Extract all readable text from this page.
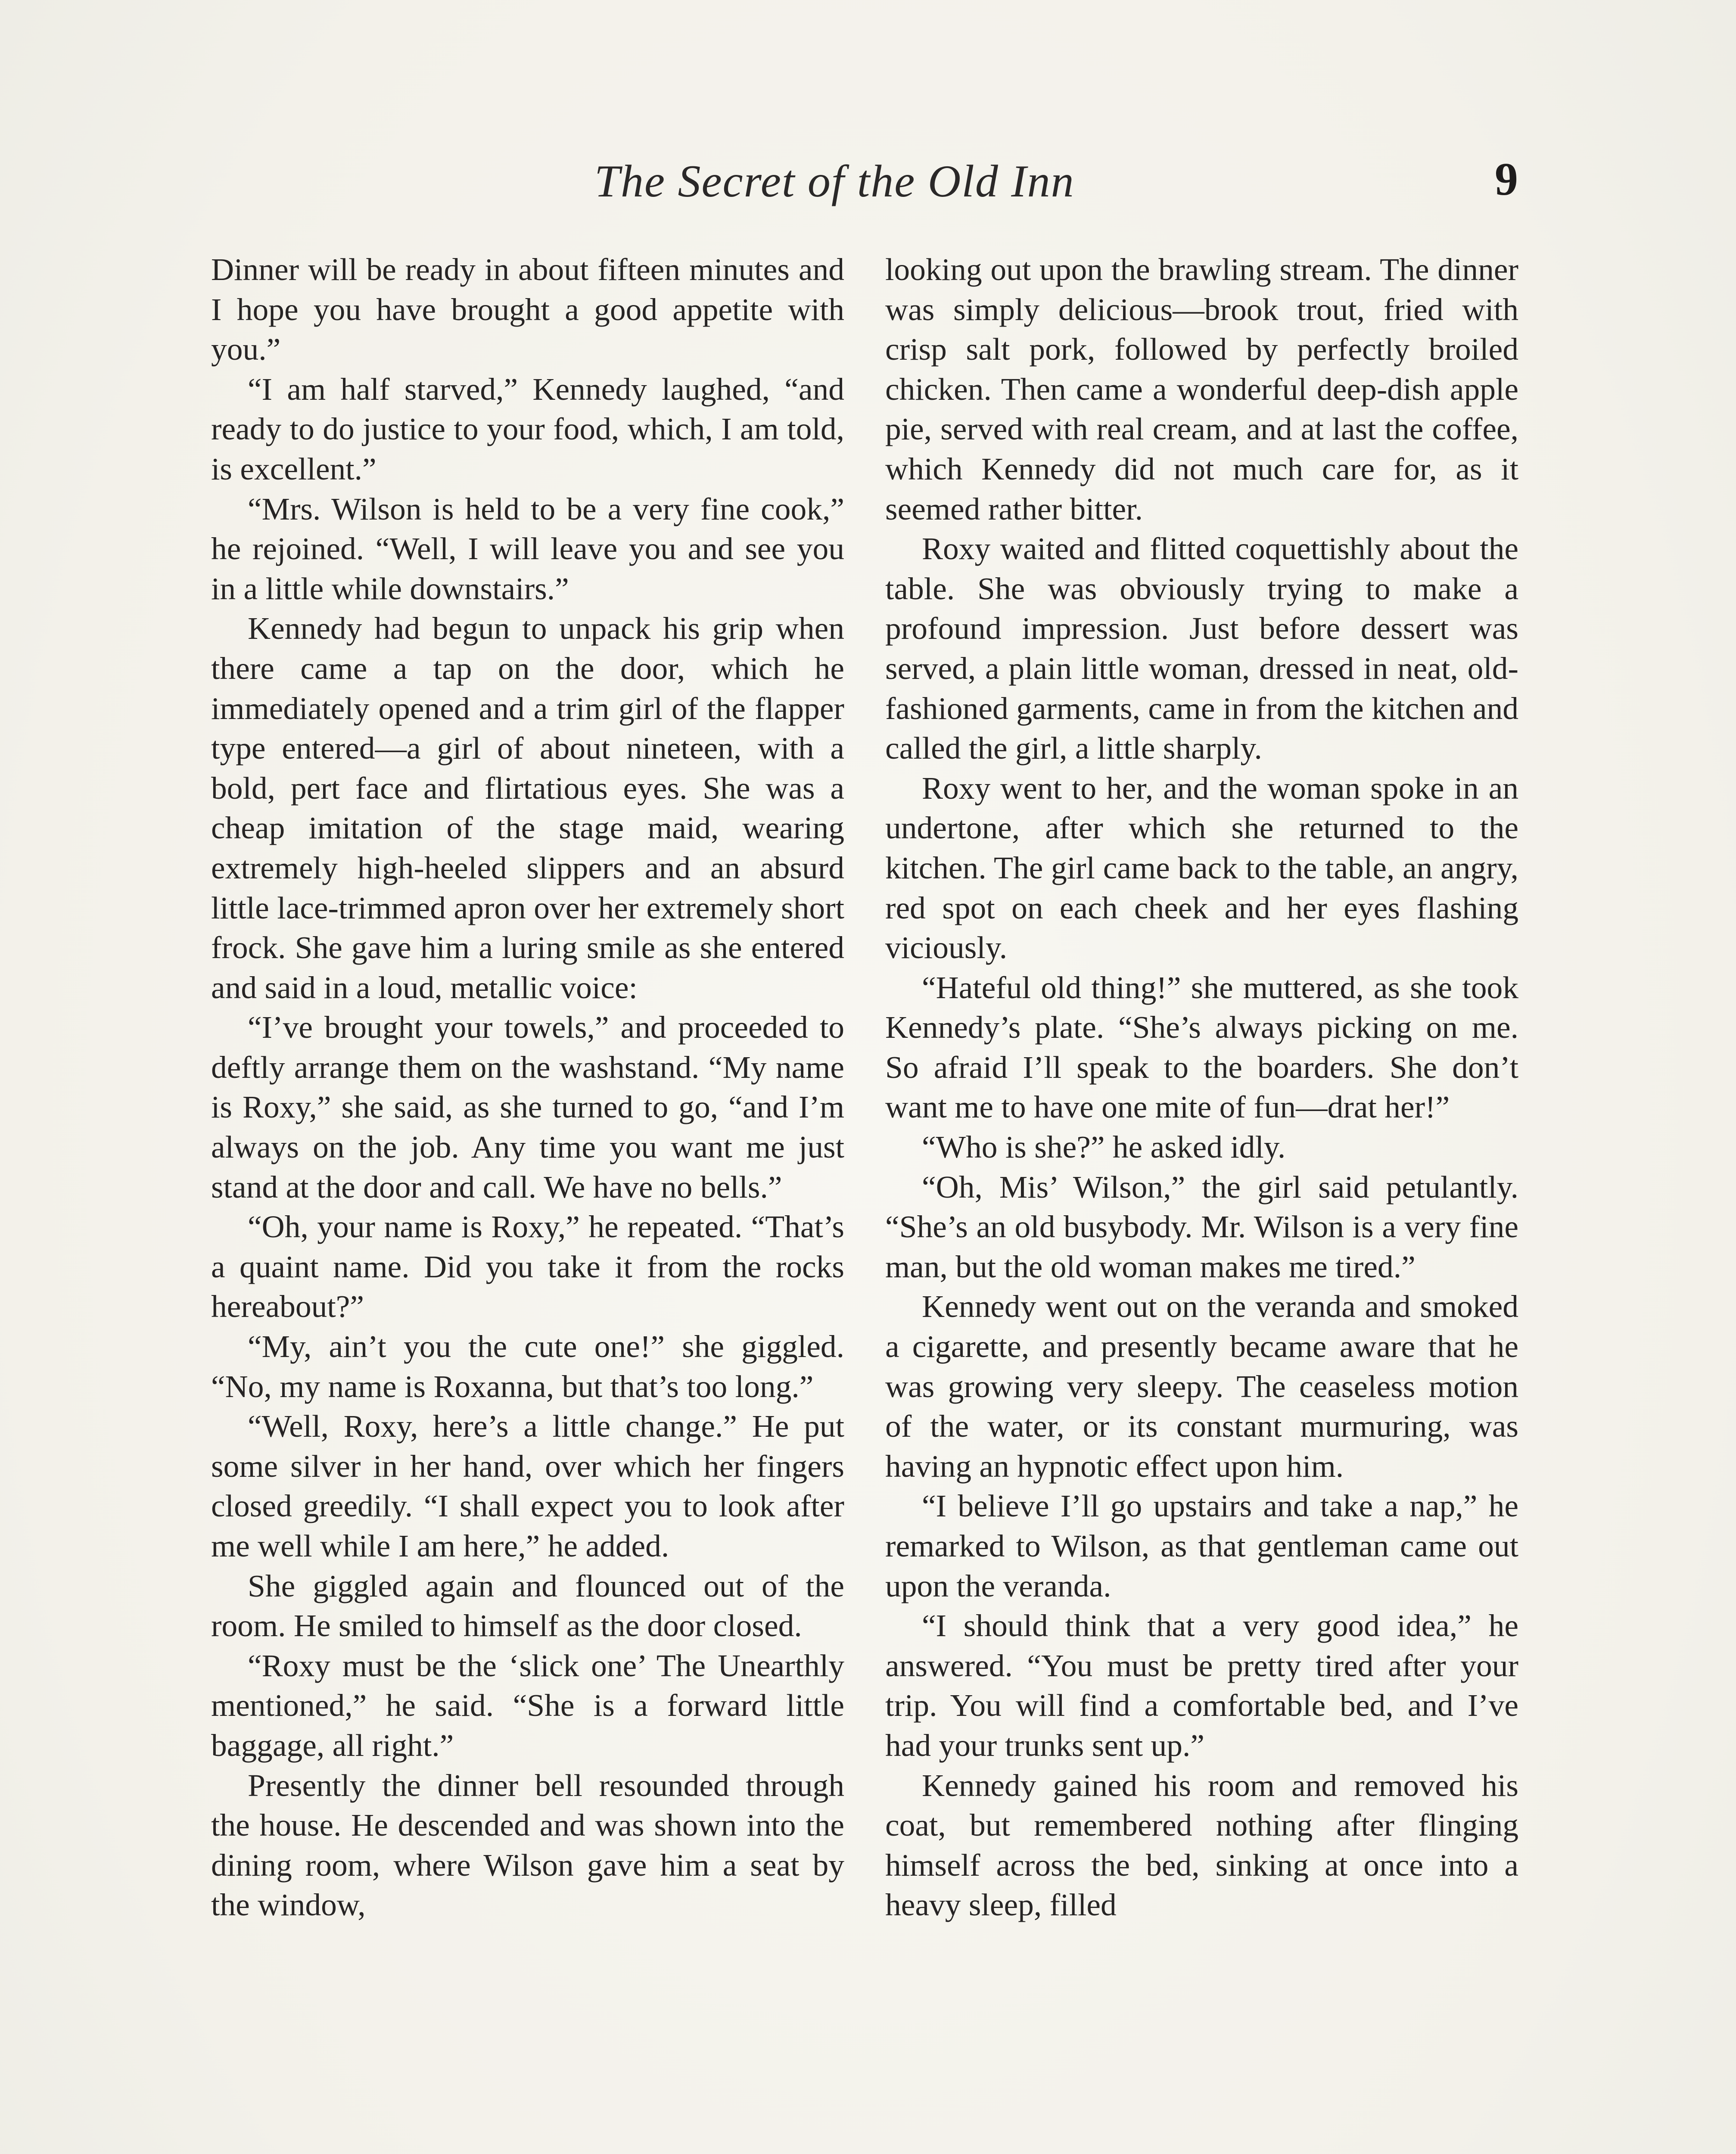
The Secret of the Old Inn	9

Dinner will be ready in about fifteen minutes and I hope you have brought a good appetite with you.”

“I am half starved,” Kennedy laughed, “and ready to do justice to your food, which, I am told, is excellent.”

“Mrs. Wilson is held to be a very fine cook,” he rejoined. “Well, I will leave you and see you in a little while downstairs.”

Kennedy had begun to unpack his grip when there came a tap on the door, which he immediately opened and a trim girl of the flapper type entered—a girl of about nineteen, with a bold, pert face and flirtatious eyes. She was a cheap imitation of the stage maid, wearing extremely high-heeled slippers and an absurd little lace-trimmed apron over her extremely short frock. She gave him a luring smile as she entered and said in a loud, metallic voice:

“I’ve brought your towels,” and proceeded to deftly arrange them on the washstand. “My name is Roxy,” she said, as she turned to go, “and I’m always on the job. Any time you want me just stand at the door and call. We have no bells.”

“Oh, your name is Roxy,” he repeated. “That’s a quaint name. Did you take it from the rocks hereabout?”

“My, ain’t you the cute one!” she giggled. “No, my name is Roxanna, but that’s too long.”

“Well, Roxy, here’s a little change.” He put some silver in her hand, over which her fingers closed greedily. “I shall expect you to look after me well while I am here,” he added.

She giggled again and flounced out of the room. He smiled to himself as the door closed.

“Roxy must be the ‘slick one’ The Unearthly mentioned,” he said. “She is a forward little baggage, all right.”

Presently the dinner bell resounded through the house. He descended and was shown into the dining room, where Wilson gave him a seat by the window,

looking out upon the brawling stream. The dinner was simply delicious—brook trout, fried with crisp salt pork, followed by perfectly broiled chicken. Then came a wonderful deep-dish apple pie, served with real cream, and at last the coffee, which Kennedy did not much care for, as it seemed rather bitter.

Roxy waited and flitted coquettishly about the table. She was obviously trying to make a profound impression. Just before dessert was served, a plain little woman, dressed in neat, old-fashioned garments, came in from the kitchen and called the girl, a little sharply.

Roxy went to her, and the woman spoke in an undertone, after which she returned to the kitchen. The girl came back to the table, an angry, red spot on each cheek and her eyes flashing viciously.

“Hateful old thing!” she muttered, as she took Kennedy’s plate. “She’s always picking on me. So afraid I’ll speak to the boarders. She don’t want me to have one mite of fun—drat her!”

“Who is she?” he asked idly.

“Oh, Mis’ Wilson,” the girl said petulantly. “She’s an old busybody. Mr. Wilson is a very fine man, but the old woman makes me tired.”

Kennedy went out on the veranda and smoked a cigarette, and presently became aware that he was growing very sleepy. The ceaseless motion of the water, or its constant murmuring, was having an hypnotic effect upon him.

“I believe I’ll go upstairs and take a nap,” he remarked to Wilson, as that gentleman came out upon the veranda.

“I should think that a very good idea,” he answered. “You must be pretty tired after your trip. You will find a comfortable bed, and I’ve had your trunks sent up.”

Kennedy gained his room and removed his coat, but remembered nothing after flinging himself across the bed, sinking at once into a heavy sleep, filled
